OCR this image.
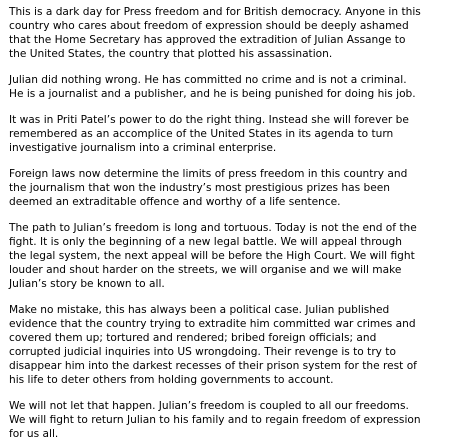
This is a dark day for Press freedom and for British democracy. Anyone in this
country who cares about freedom of expression should be deeply ashamed
that the Home Secretary has approved the extradition of Julian Assange to
the United States, the country that plotted his assassination.

Julian did nothing wrong. He has committed no crime and is not a criminal.
He is a journalist and a publisher, and he is being punished for doing his job.

It was in Priti Patel’s power to do the right thing. Instead she will forever be
remembered as an accomplice of the United States in its agenda to turn
investigative journalism into a criminal enterprise.

Foreign laws now determine the limits of press freedom in this country and
the journalism that won the industry’s most prestigious prizes has been
deemed an extraditable offence and worthy of a life sentence.

The path to Julian’s freedom is long and tortuous. Today is not the end of the
fight. It is only the beginning of a new legal battle. We will appeal through
the legal system, the next appeal will be before the High Court. We will fight
louder and shout harder on the streets, we will organise and we will make
Julian’s story be known to all.

Make no mistake, this has always been a political case. Julian published
evidence that the country trying to extradite him committed war crimes and
covered them up; tortured and rendered; bribed foreign officials; and
corrupted judicial inquiries into US wrongdoing. Their revenge is to try to
disappear him into the darkest recesses of their prison system for the rest of
his life to deter others from holding governments to account.

We will not let that happen. Julian’s freedom is coupled to all our freedoms.
We will fight to return Julian to his family and to regain freedom of expression
for us all.
